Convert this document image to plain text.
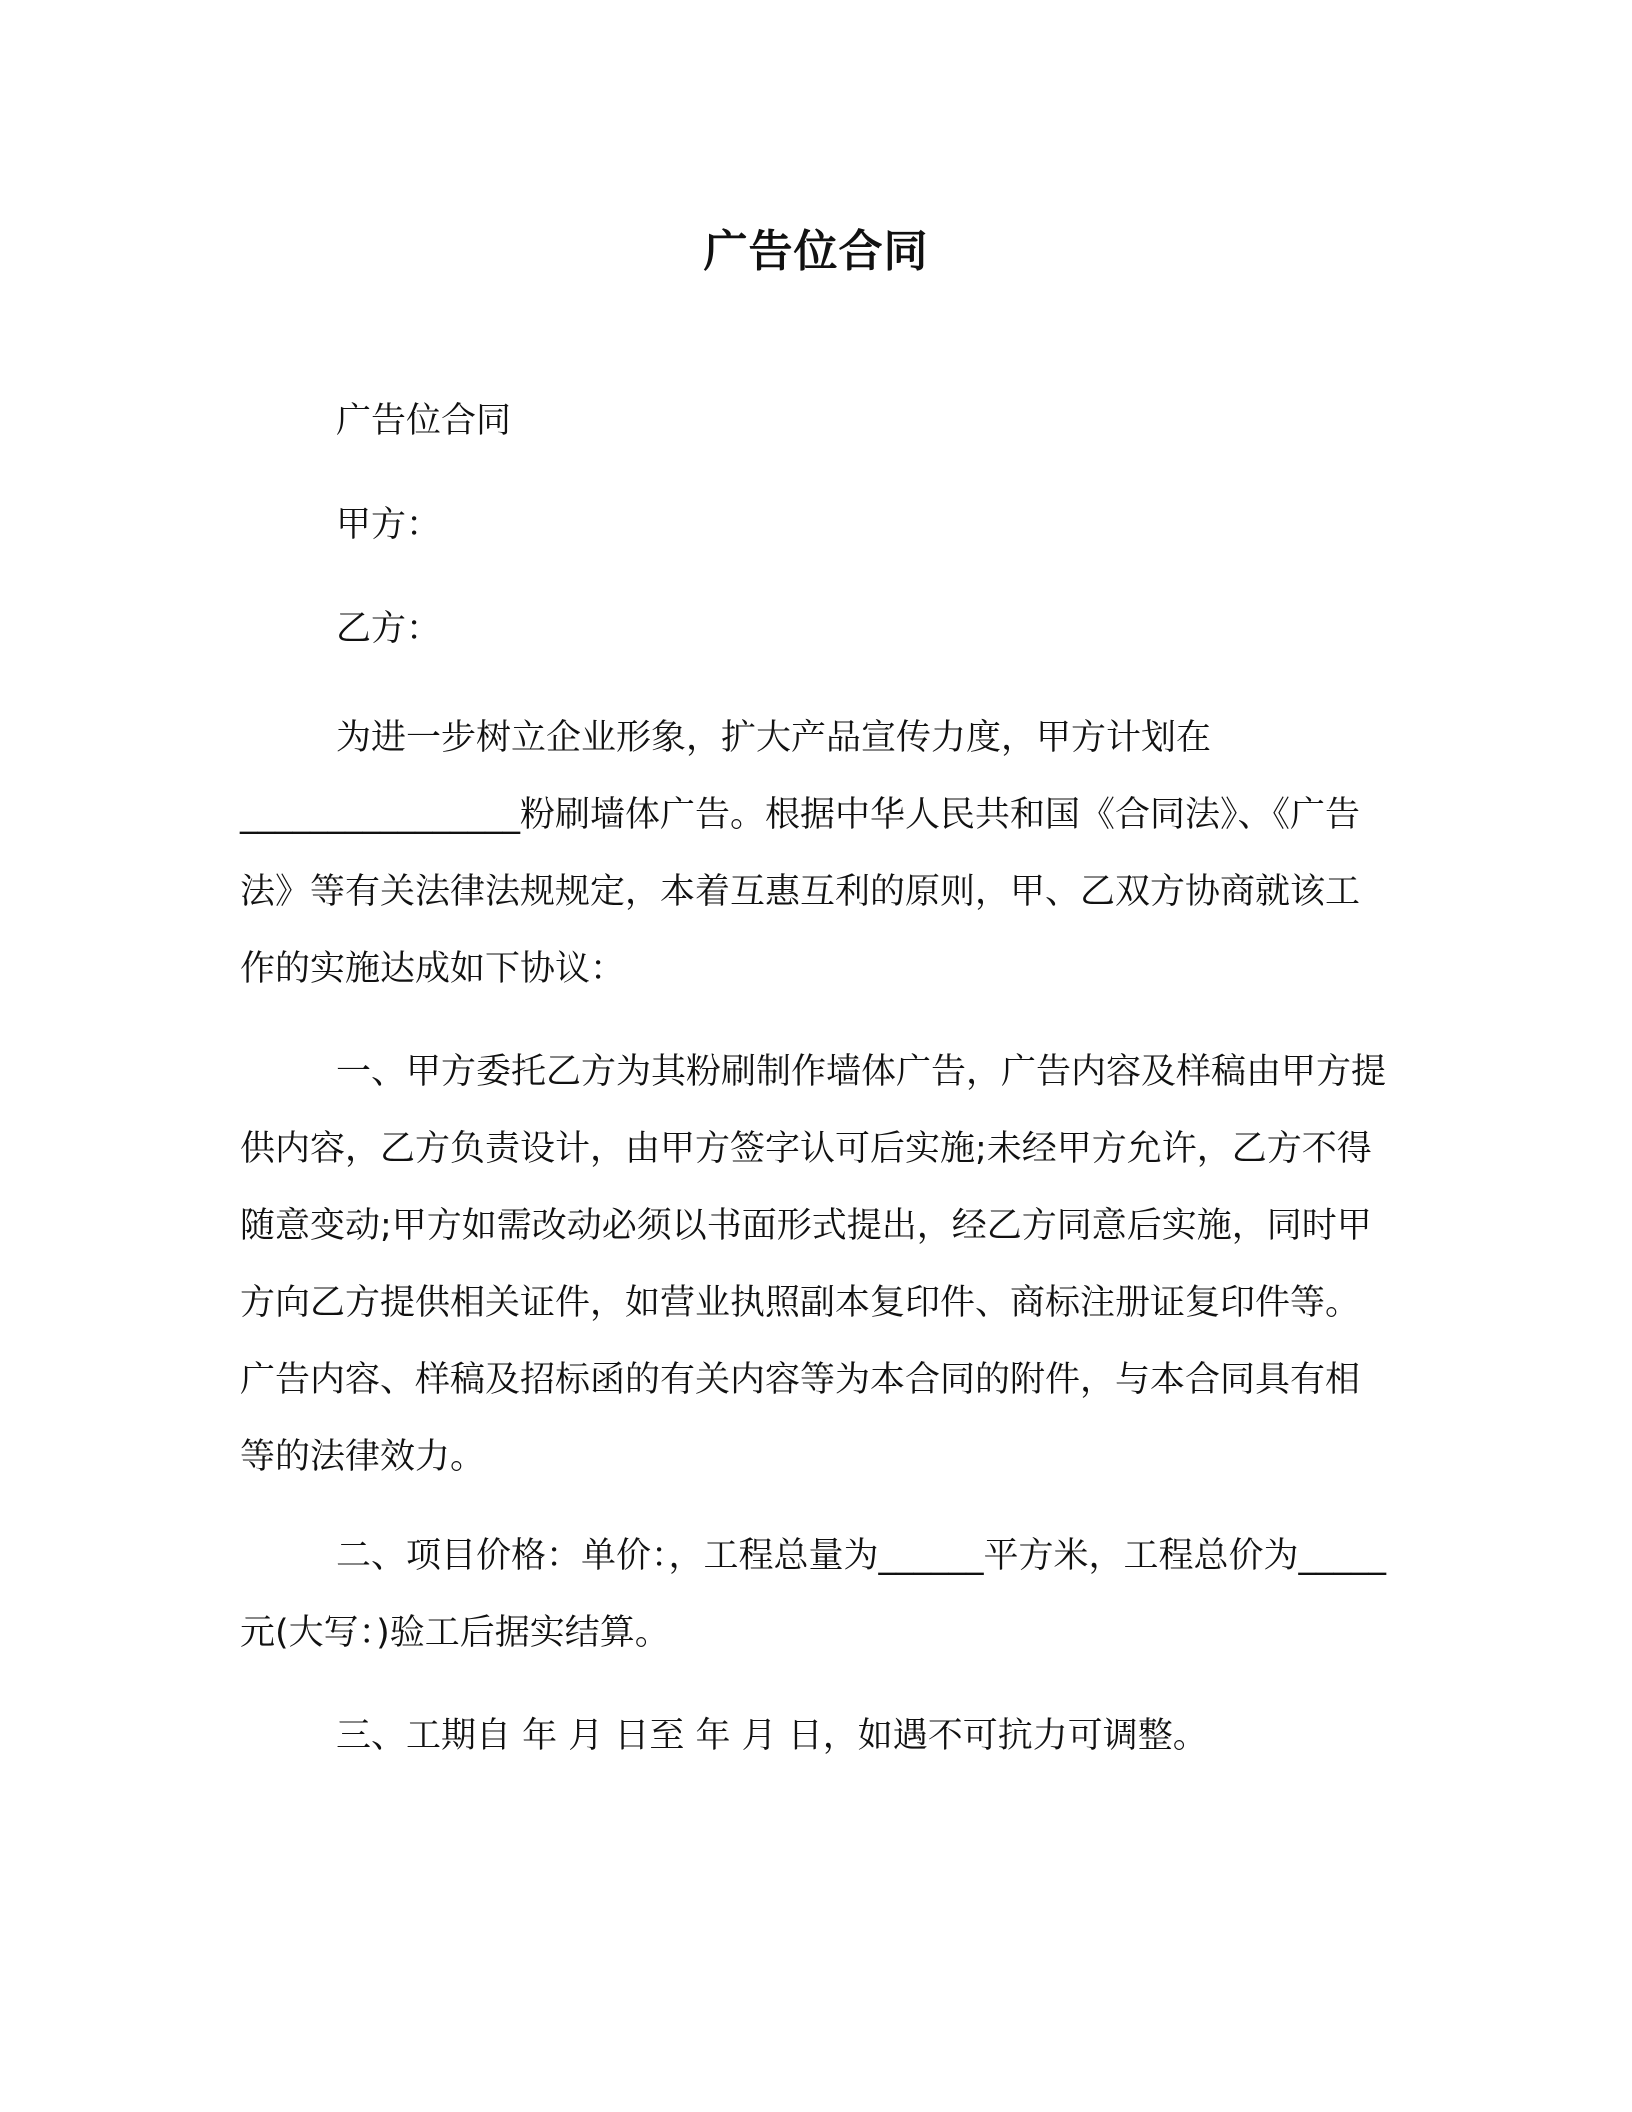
广告位合同
广告位合同
甲方：
乙方：

为进一步树立企业形象，扩大产品宣传力度，甲方计划在________________粉刷墙体广告。根据中华人民共和国《合同法》、《广告法》等有关法律法规规定，本着互惠互利的原则，甲、乙双方协商就该工作的实施达成如下协议：

一、甲方委托乙方为其粉刷制作墙体广告，广告内容及样稿由甲方提供内容，乙方负责设计，由甲方签字认可后实施;未经甲方允许，乙方不得随意变动;甲方如需改动必须以书面形式提出，经乙方同意后实施，同时甲方向乙方提供相关证件，如营业执照副本复印件、商标注册证复印件等。广告内容、样稿及招标函的有关内容等为本合同的附件，与本合同具有相等的法律效力。

二、项目价格：单价：，工程总量为______平方米，工程总价为_____元(大写：)验工后据实结算。

三、工期自 年 月 日至 年 月 日，如遇不可抗力可调整。
